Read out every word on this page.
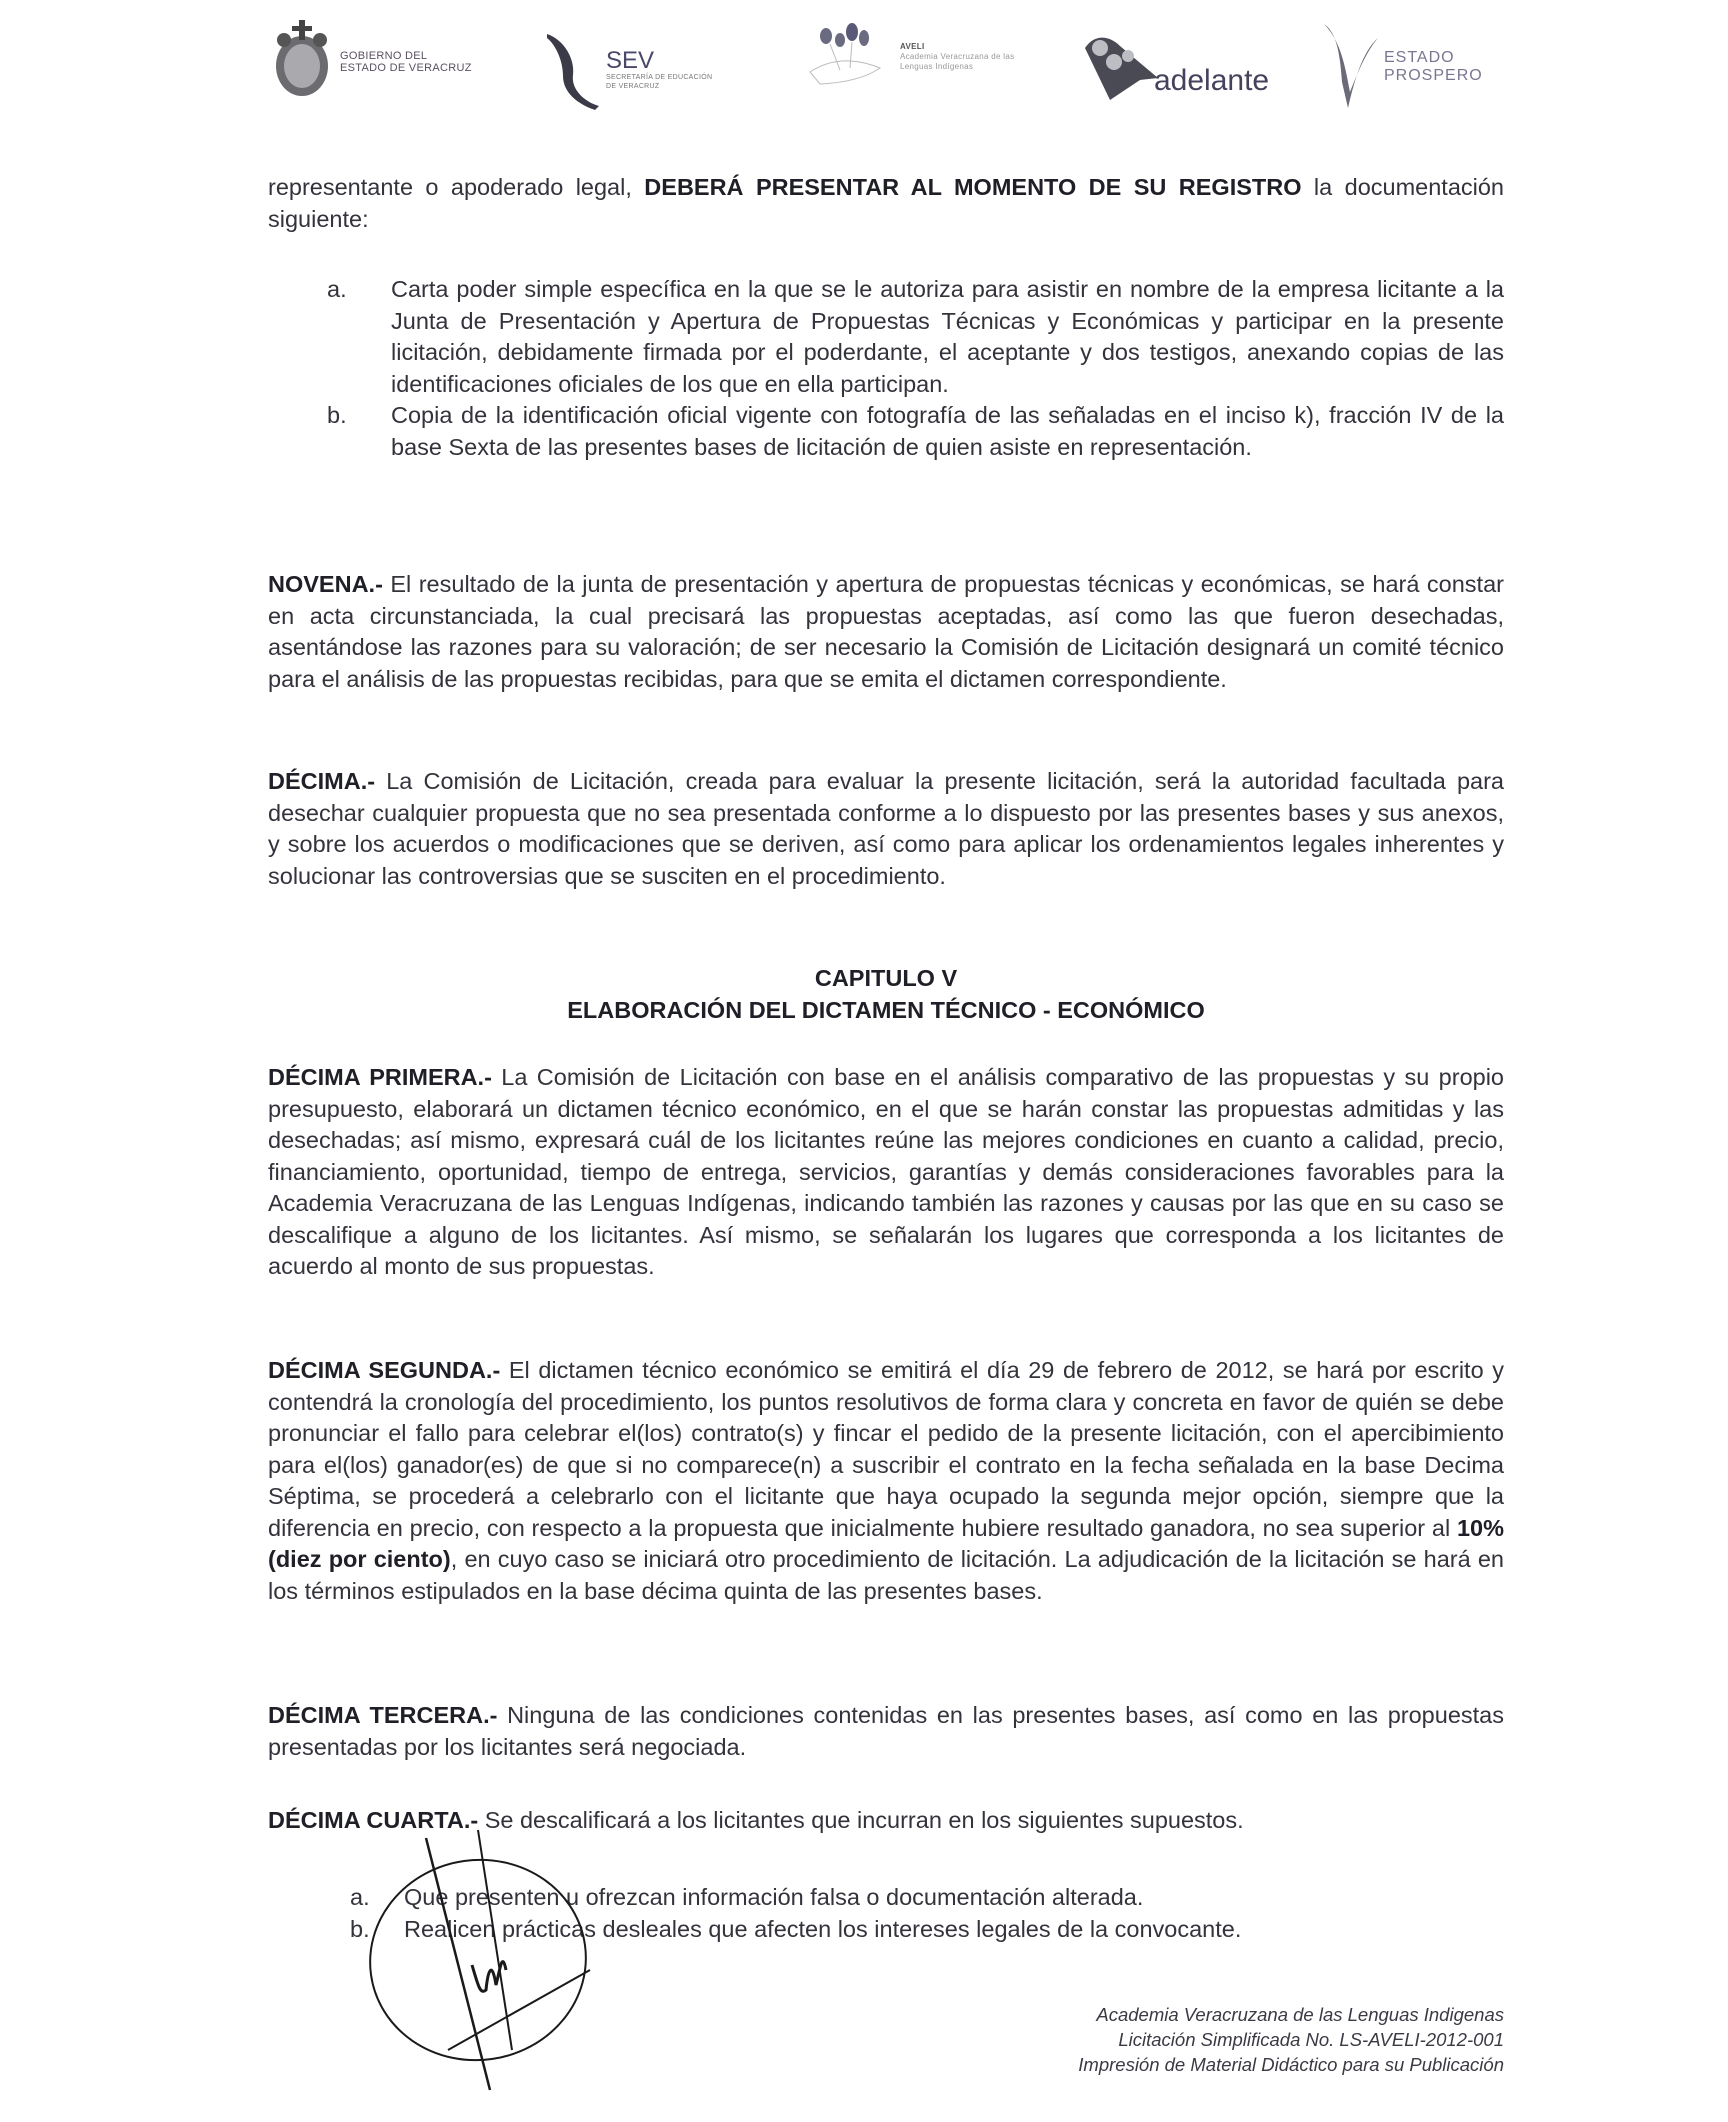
GOBIERNO DEL
ESTADO DE VERACRUZ	SEV
SECRETARÍA DE EDUCACIÓN
DE VERACRUZ
AVELI
Academia Veracruzana de las
Lenguas Indígenas	adelante
ESTADO
PROSPERO

representante o apoderado legal, DEBERÁ PRESENTAR AL MOMENTO DE SU REGISTRO la documentación siguiente:

a.	Carta poder simple específica en la que se le autoriza para asistir en nombre de la empresa licitante a la Junta de Presentación y Apertura de Propuestas Técnicas y Económicas y participar en la presente licitación, debidamente firmada por el poderdante, el aceptante y dos testigos, anexando copias de las identificaciones oficiales de los que en ella participan.
b.	Copia de la identificación oficial vigente con fotografía de las señaladas en el inciso k), fracción IV de la base Sexta de las presentes bases de licitación de quien asiste en representación.

NOVENA.- El resultado de la junta de presentación y apertura de propuestas técnicas y económicas, se hará constar en acta circunstanciada, la cual precisará las propuestas aceptadas, así como las que fueron desechadas, asentándose las razones para su valoración; de ser necesario la Comisión de Licitación designará un comité técnico para el análisis de las propuestas recibidas, para que se emita el dictamen correspondiente.

DÉCIMA.- La Comisión de Licitación, creada para evaluar la presente licitación, será la autoridad facultada para desechar cualquier propuesta que no sea presentada conforme a lo dispuesto por las presentes bases y sus anexos, y sobre los acuerdos o modificaciones que se deriven, así como para aplicar los ordenamientos legales inherentes y solucionar las controversias que se susciten en el procedimiento.

CAPITULO V
ELABORACIÓN DEL DICTAMEN TÉCNICO - ECONÓMICO

DÉCIMA PRIMERA.- La Comisión de Licitación con base en el análisis comparativo de las propuestas y su propio presupuesto, elaborará un dictamen técnico económico, en el que se harán constar las propuestas admitidas y las desechadas; así mismo, expresará cuál de los licitantes reúne las mejores condiciones en cuanto a calidad, precio, financiamiento, oportunidad, tiempo de entrega, servicios, garantías y demás consideraciones favorables para la Academia Veracruzana de las Lenguas Indígenas, indicando también las razones y causas por las que en su caso se descalifique a alguno de los licitantes. Así mismo, se señalarán los lugares que corresponda a los licitantes de acuerdo al monto de sus propuestas.

DÉCIMA SEGUNDA.- El dictamen técnico económico se emitirá el día 29 de febrero de 2012, se hará por escrito y contendrá la cronología del procedimiento, los puntos resolutivos de forma clara y concreta en favor de quién se debe pronunciar el fallo para celebrar el(los) contrato(s) y fincar el pedido de la presente licitación, con el apercibimiento para el(los) ganador(es) de que si no comparece(n) a suscribir el contrato en la fecha señalada en la base Decima Séptima, se procederá a celebrarlo con el licitante que haya ocupado la segunda mejor opción, siempre que la diferencia en precio, con respecto a la propuesta que inicialmente hubiere resultado ganadora, no sea superior al 10% (diez por ciento), en cuyo caso se iniciará otro procedimiento de licitación. La adjudicación de la licitación se hará en los términos estipulados en la base décima quinta de las presentes bases.

DÉCIMA TERCERA.- Ninguna de las condiciones contenidas en las presentes bases, así como en las propuestas presentadas por los licitantes será negociada.

DÉCIMA CUARTA.- Se descalificará a los licitantes que incurran en los siguientes supuestos.

a.	Que presenten u ofrezcan información falsa o documentación alterada.
b.	Realicen prácticas desleales que afecten los intereses legales de la convocante.
Academia Veracruzana de las Lenguas Indigenas
Licitación Simplificada No. LS-AVELI-2012-001
Impresión de Material Didáctico para su Publicación
